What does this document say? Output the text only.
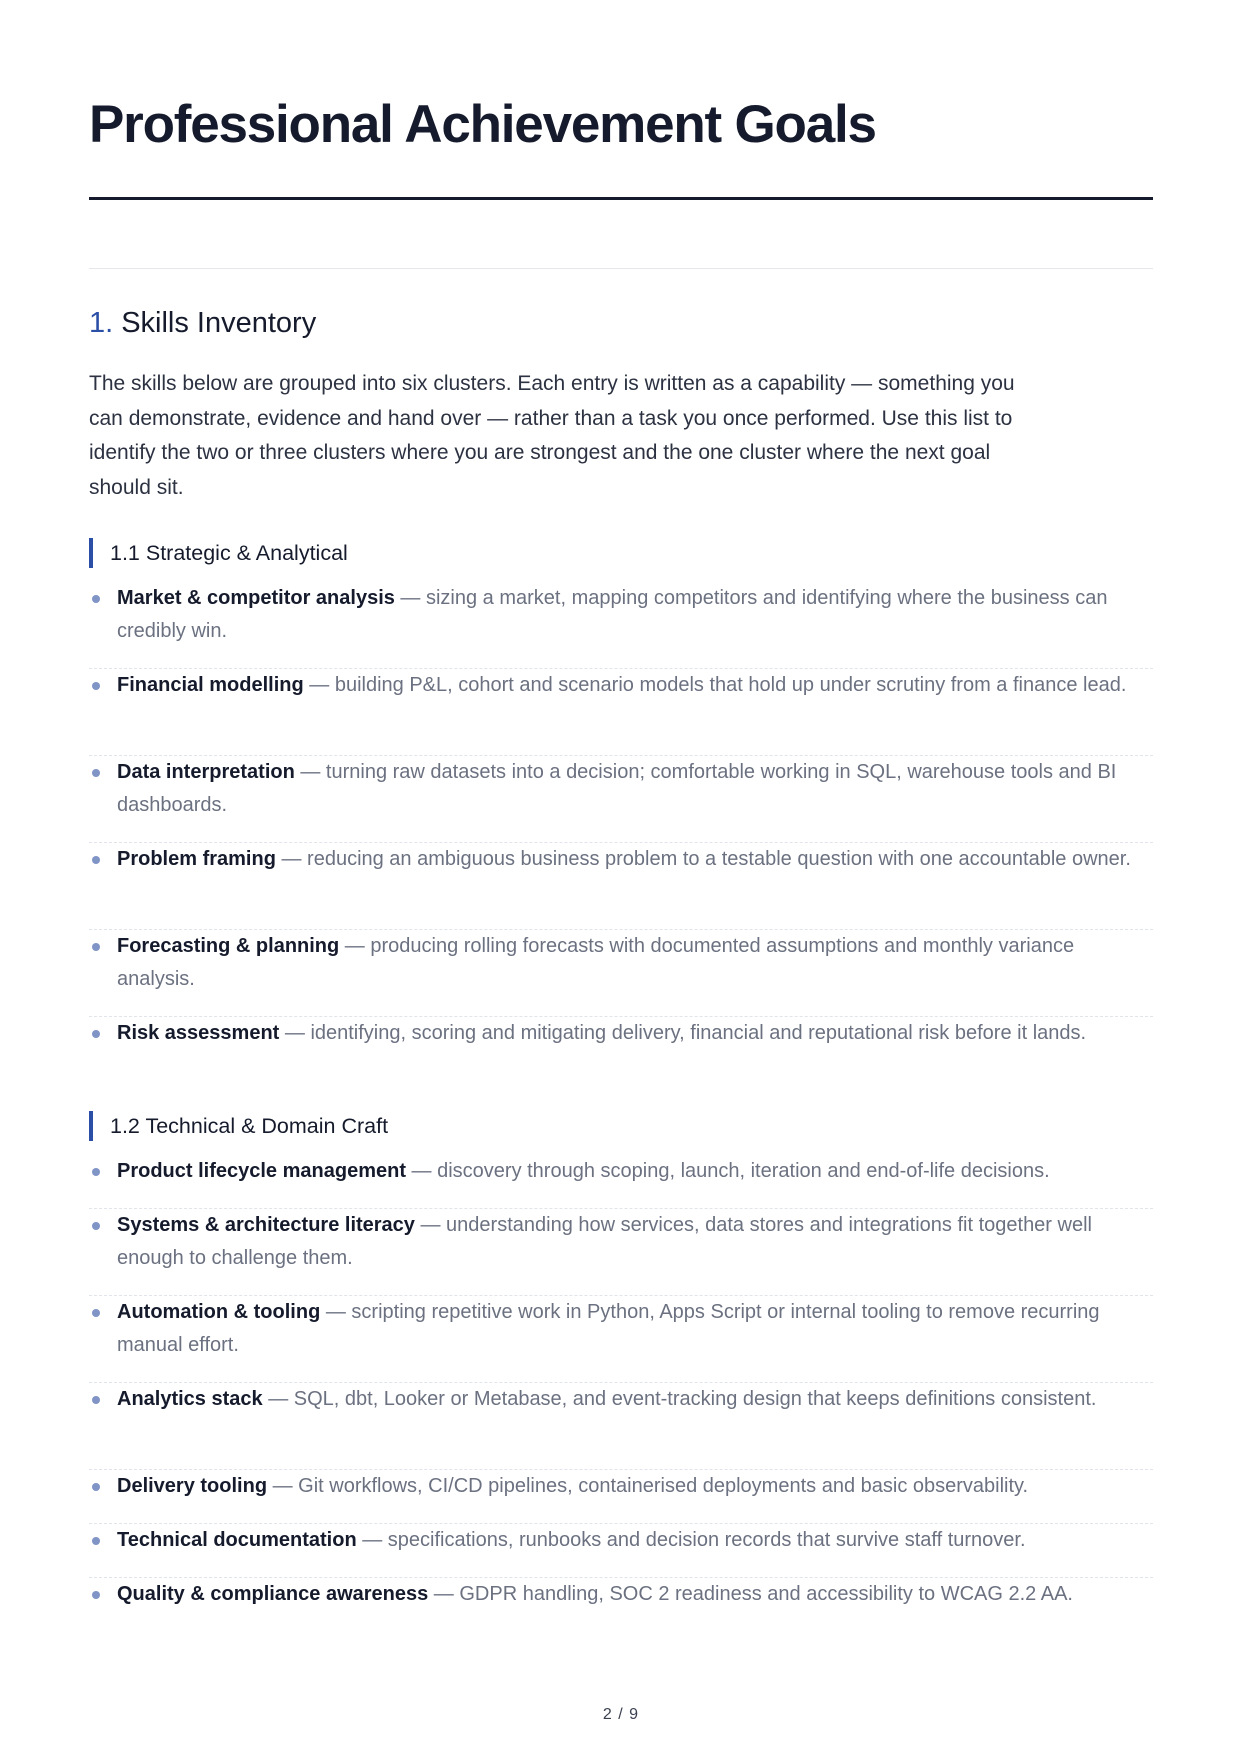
Professional Achievement Goals
1. Skills Inventory

The skills below are grouped into six clusters. Each entry is written as a capability — something you can demonstrate, evidence and hand over — rather than a task you once performed. Use this list to identify the two or three clusters where you are strongest and the one cluster where the next goal should sit.

1.1 Strategic & Analytical
Market & competitor analysis — sizing a market, mapping competitors and identifying where the business can credibly win.
Financial modelling — building P&L, cohort and scenario models that hold up under scrutiny from a finance lead.
Data interpretation — turning raw datasets into a decision; comfortable working in SQL, warehouse tools and BI dashboards.
Problem framing — reducing an ambiguous business problem to a testable question with one accountable owner.
Forecasting & planning — producing rolling forecasts with documented assumptions and monthly variance analysis.
Risk assessment — identifying, scoring and mitigating delivery, financial and reputational risk before it lands.
1.2 Technical & Domain Craft
Product lifecycle management — discovery through scoping, launch, iteration and end-of-life decisions.
Systems & architecture literacy — understanding how services, data stores and integrations fit together well enough to challenge them.
Automation & tooling — scripting repetitive work in Python, Apps Script or internal tooling to remove recurring manual effort.
Analytics stack — SQL, dbt, Looker or Metabase, and event-tracking design that keeps definitions consistent.
Delivery tooling — Git workflows, CI/CD pipelines, containerised deployments and basic observability.
Technical documentation — specifications, runbooks and decision records that survive staff turnover.
Quality & compliance awareness — GDPR handling, SOC 2 readiness and accessibility to WCAG 2.2 AA.
2 / 9
